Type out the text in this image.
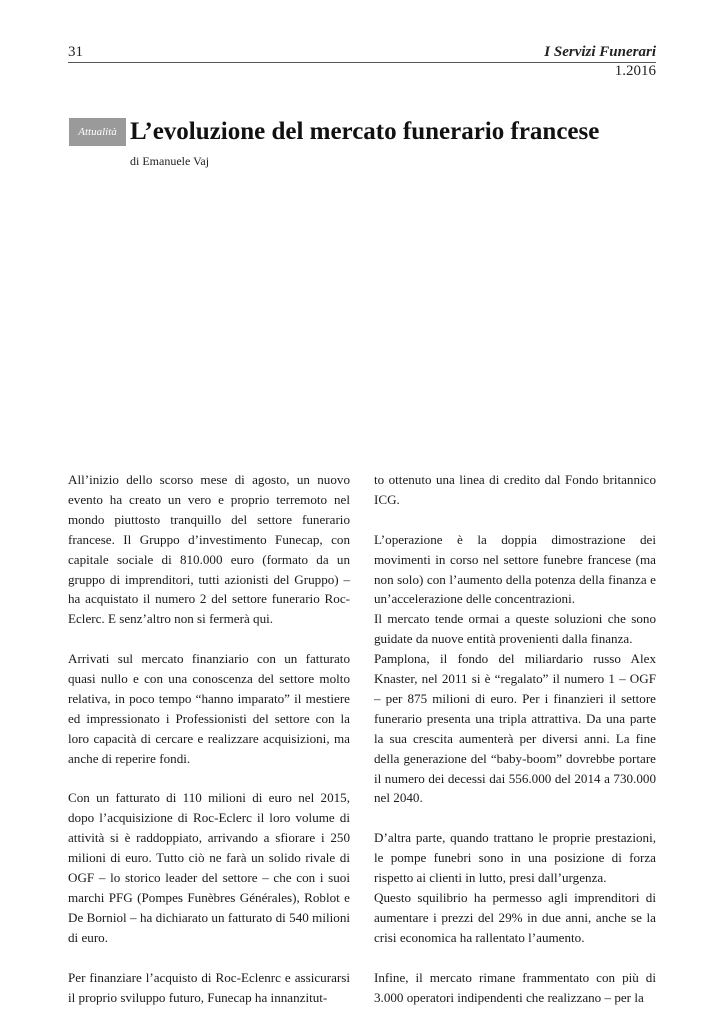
31	I Servizi Funerari
1.2016
Attualità L’evoluzione del mercato funerario francese
di Emanuele Vaj

All’inizio dello scorso mese di agosto, un nuovo evento ha creato un vero e proprio terremoto nel mondo piuttosto tranquillo del settore funerario francese. Il Gruppo d’investimento Funecap, con capitale sociale di 810.000 euro (formato da un gruppo di imprenditori, tutti azionisti del Gruppo) – ha acquistato il numero 2 del settore funerario Roc-Eclerc. E senz’altro non si fermerà qui.

Arrivati sul mercato finanziario con un fatturato quasi nullo e con una conoscenza del settore molto relativa, in poco tempo “hanno imparato” il mestiere ed impressionato i Professionisti del settore con la loro capacità di cercare e realizzare acquisizioni, ma anche di reperire fondi.

Con un fatturato di 110 milioni di euro nel 2015, dopo l’acquisizione di Roc-Eclerc il loro volume di attività si è raddoppiato, arrivando a sfiorare i 250 milioni di euro. Tutto ciò ne farà un solido rivale di OGF – lo storico leader del settore – che con i suoi marchi PFG (Pompes Funèbres Générales), Roblot e De Borniol – ha dichiarato un fatturato di 540 milioni di euro.

Per finanziare l’acquisto di Roc-Eclenrc e assicurarsi il proprio sviluppo futuro, Funecap ha innanzitut-

to ottenuto una linea di credito dal Fondo britannico ICG.

L’operazione è la doppia dimostrazione dei movimenti in corso nel settore funebre francese (ma non solo) con l’aumento della potenza della finanza e un’accelerazione delle concentrazioni.

Il mercato tende ormai a queste soluzioni che sono guidate da nuove entità provenienti dalla finanza.

Pamplona, il fondo del miliardario russo Alex Knaster, nel 2011 si è “regalato” il numero 1 – OGF – per 875 milioni di euro. Per i finanzieri il settore funerario presenta una tripla attrattiva. Da una parte la sua crescita aumenterà per diversi anni. La fine della generazione del “baby-boom” dovrebbe portare il numero dei decessi dai 556.000 del 2014 a 730.000 nel 2040.

D’altra parte, quando trattano le proprie prestazioni, le pompe funebri sono in una posizione di forza rispetto ai clienti in lutto, presi dall’urgenza.

Questo squilibrio ha permesso agli imprenditori di aumentare i prezzi del 29% in due anni, anche se la crisi economica ha rallentato l’aumento.

Infine, il mercato rimane frammentato con più di 3.000 operatori indipendenti che realizzano – per la
